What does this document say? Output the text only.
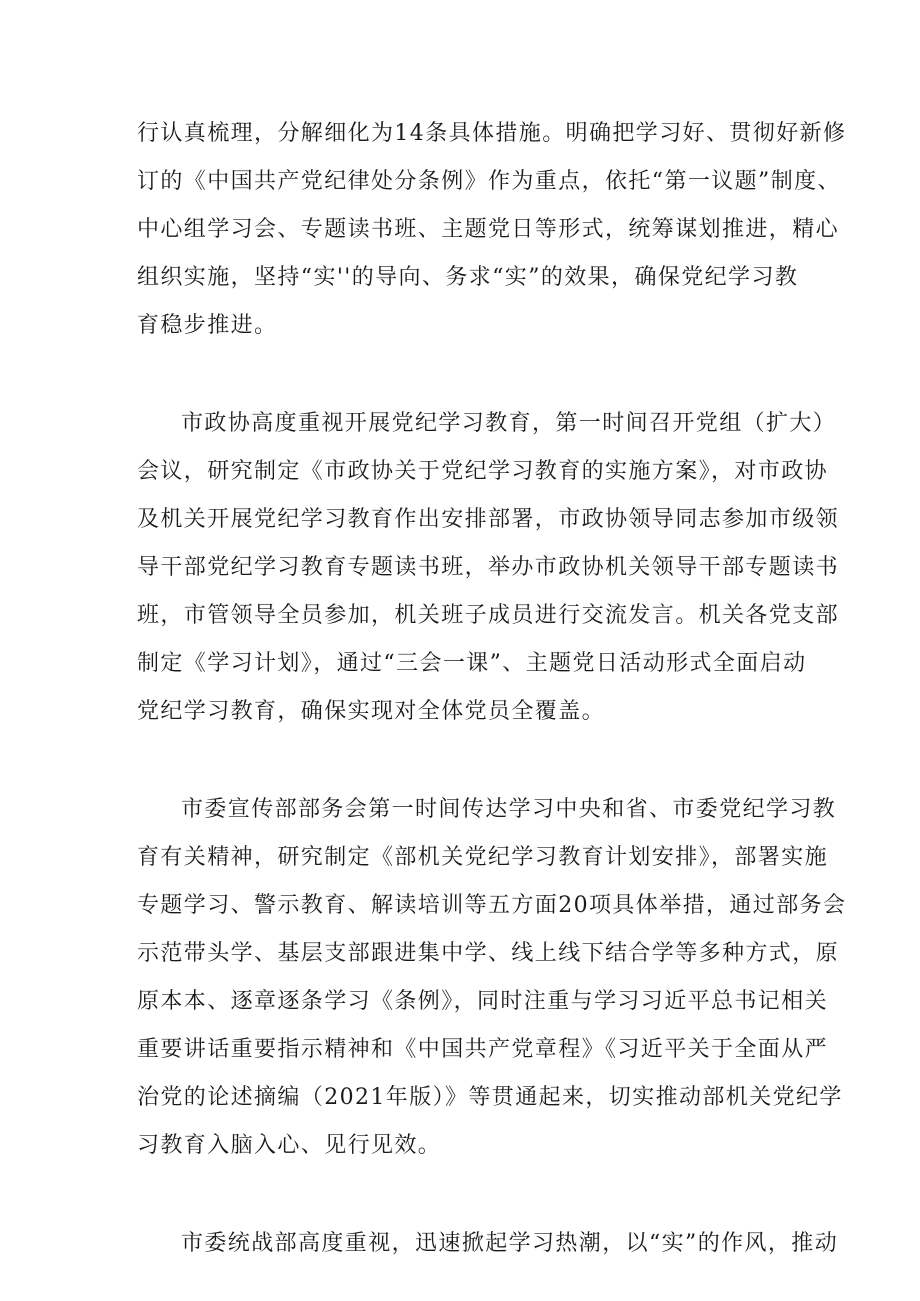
行认真梳理，分解细化为14条具体措施。明确把学习好、贯彻好新修
订的《中国共产党纪律处分条例》作为重点，依托“第一议题”制度、
中心组学习会、专题读书班、主题党日等形式，统筹谋划推进，精心
组织实施，坚持“实''的导向、务求“实”的效果，确保党纪学习教
育稳步推进。
市政协高度重视开展党纪学习教育，第一时间召开党组（扩大）
会议，研究制定《市政协关于党纪学习教育的实施方案》，对市政协
及机关开展党纪学习教育作出安排部署，市政协领导同志参加市级领
导干部党纪学习教育专题读书班，举办市政协机关领导干部专题读书
班，市管领导全员参加，机关班子成员进行交流发言。机关各党支部
制定《学习计划》，通过“三会一课”、主题党日活动形式全面启动
党纪学习教育，确保实现对全体党员全覆盖。
市委宣传部部务会第一时间传达学习中央和省、市委党纪学习教
育有关精神，研究制定《部机关党纪学习教育计划安排》，部署实施
专题学习、警示教育、解读培训等五方面20项具体举措，通过部务会
示范带头学、基层支部跟进集中学、线上线下结合学等多种方式，原
原本本、逐章逐条学习《条例》，同时注重与学习习近平总书记相关
重要讲话重要指示精神和《中国共产党章程》《习近平关于全面从严
治党的论述摘编（2021年版）》等贯通起来，切实推动部机关党纪学
习教育入脑入心、见行见效。
市委统战部高度重视，迅速掀起学习热潮，以“实”的作风，推动
